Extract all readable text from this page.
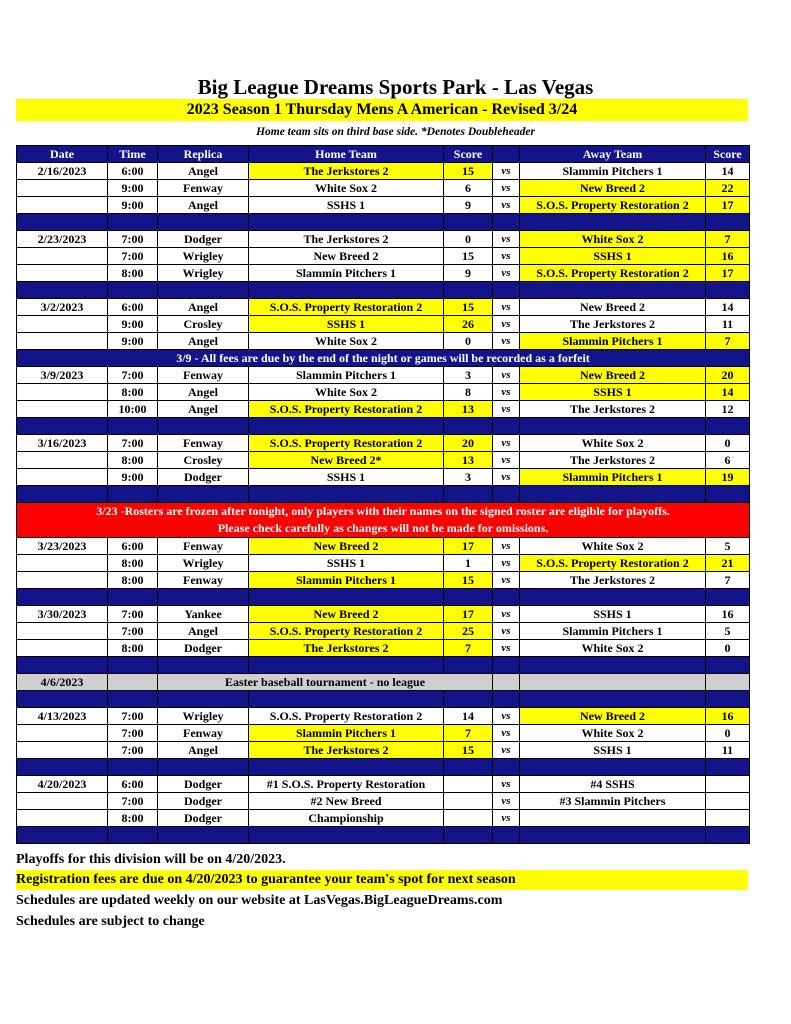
Big League Dreams Sports Park - Las Vegas
2023 Season 1 Thursday Mens A American - Revised 3/24
Home team sits on third base side. *Denotes Doubleheader
Date	Time	Replica	Home Team	Score		Away Team	Score
2/16/2023	6:00	Angel	The Jerkstores 2	15	vs	Slammin Pitchers 1	14
	9:00	Fenway	White Sox 2	6	vs	New Breed 2	22
	9:00	Angel	SSHS 1	9	vs	S.O.S. Property Restoration 2	17

2/23/2023	7:00	Dodger	The Jerkstores 2	0	vs	White Sox 2	7
	7:00	Wrigley	New Breed 2	15	vs	SSHS 1	16
	8:00	Wrigley	Slammin Pitchers 1	9	vs	S.O.S. Property Restoration 2	17

3/2/2023	6:00	Angel	S.O.S. Property Restoration 2	15	vs	New Breed 2	14
	9:00	Crosley	SSHS 1	26	vs	The Jerkstores 2	11
	9:00	Angel	White Sox 2	0	vs	Slammin Pitchers 1	7
3/9 - All fees are due by the end of the night or games will be recorded as a forfeit							
3/9/2023	7:00	Fenway	Slammin Pitchers 1	3	vs	New Breed 2	20
	8:00	Angel	White Sox 2	8	vs	SSHS 1	14
	10:00	Angel	S.O.S. Property Restoration 2	13	vs	The Jerkstores 2	12

3/16/2023	7:00	Fenway	S.O.S. Property Restoration 2	20	vs	White Sox 2	0
	8:00	Crosley	New Breed 2*	13	vs	The Jerkstores 2	6
	9:00	Dodger	SSHS 1	3	vs	Slammin Pitchers 1	19

3/23 -Rosters are frozen after tonight, only players with their names on the signed roster are eligible for playoffs.
Please check carefully as changes will not be made for omissions.							

3/23/2023	6:00	Fenway	New Breed 2	17	vs	White Sox 2	5
	8:00	Wrigley	SSHS 1	1	vs	S.O.S. Property Restoration 2	21
	8:00	Fenway	Slammin Pitchers 1	15	vs	The Jerkstores 2	7

3/30/2023	7:00	Yankee	New Breed 2	17	vs	SSHS 1	16
	7:00	Angel	S.O.S. Property Restoration 2	25	vs	Slammin Pitchers 1	5
	8:00	Dodger	The Jerkstores 2	7	vs	White Sox 2	0

4/6/2023		Easter baseball tournament - no league					

4/13/2023	7:00	Wrigley	S.O.S. Property Restoration 2	14	vs	New Breed 2	16
	7:00	Fenway	Slammin Pitchers 1	7	vs	White Sox 2	0
	7:00	Angel	The Jerkstores 2	15	vs	SSHS 1	11

4/20/2023	6:00	Dodger	#1 S.O.S. Property Restoration		vs	#4 SSHS	
	7:00	Dodger	#2 New Breed		vs	#3 Slammin Pitchers	
	8:00	Dodger	Championship		vs		

Playoffs for this division will be on 4/20/2023.
Registration fees are due on 4/20/2023 to guarantee your team's spot for next season
Schedules are updated weekly on our website at LasVegas.BigLeagueDreams.com
Schedules are subject to change
